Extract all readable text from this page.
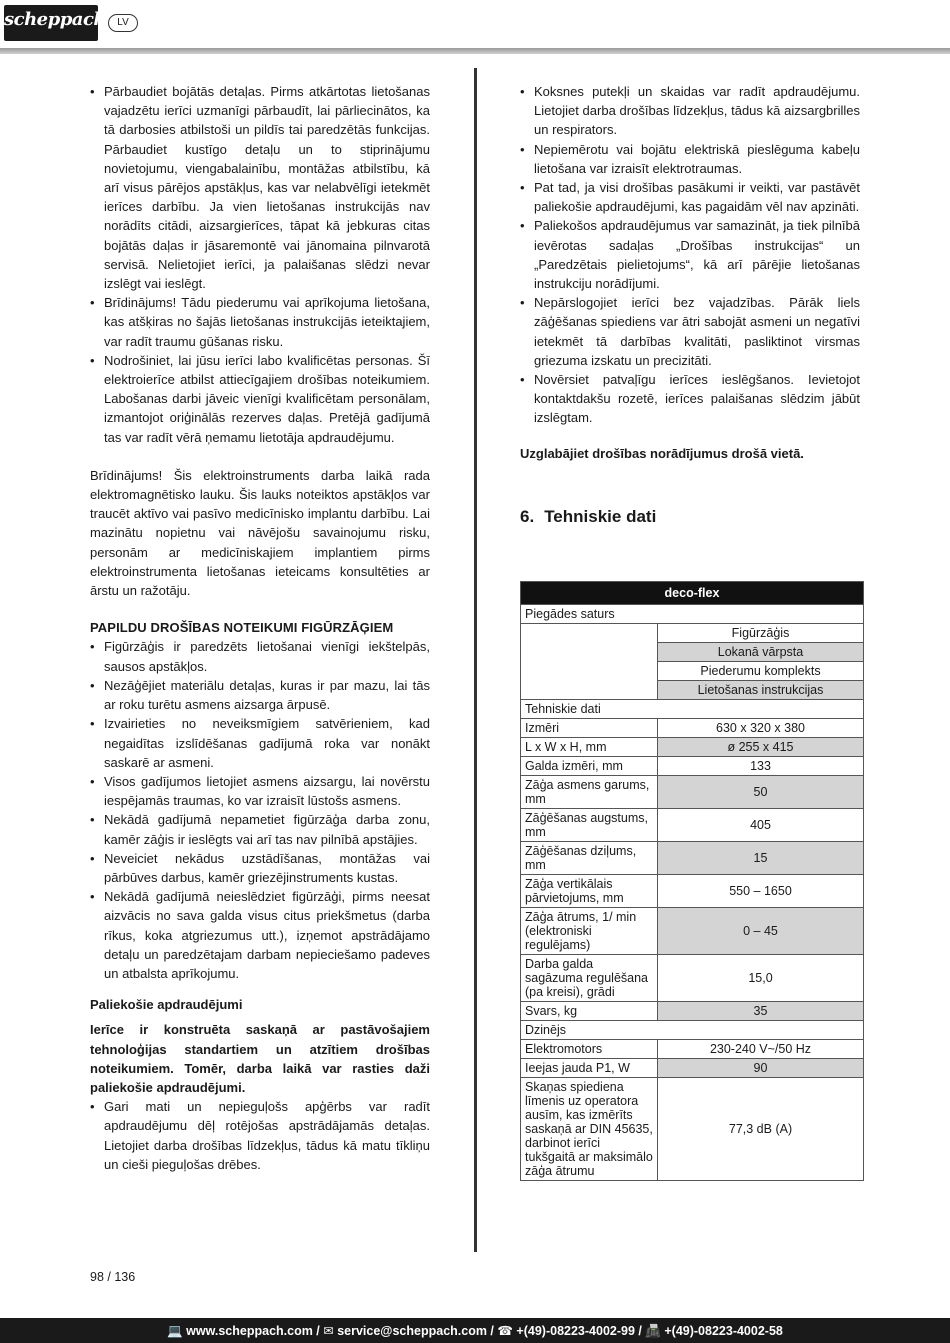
scheppach	LV
• Pārbaudiet bojātās detaļas. Pirms atkārtotas lietošanas vajadzētu ierīci uzmanīgi pārbaudīt, lai pārliecinātos, ka tā darbosies atbilstoši un pildīs tai paredzētās funkcijas. Pārbaudiet kustīgo detaļu un to stiprinājumu novietojumu, viengabalainību, montāžas atbilstību, kā arī visus pārējos apstākļus, kas var nelabvēlīgi ietekmēt ierīces darbību. Ja vien lietošanas instrukcijās nav norādīts citādi, aizsargierīces, tāpat kā jebkuras citas bojātās daļas ir jāsaremontē vai jānomaina pilnvarotā servisā. Nelietojiet ierīci, ja palaišanas slēdzi nevar izslēgt vai ieslēgt.
• Brīdinājums! Tādu piederumu vai aprīkojuma lietošana, kas atšķiras no šajās lietošanas instrukcijās ieteiktajiem, var radīt traumu gūšanas risku.
• Nodrošiniet, lai jūsu ierīci labo kvalificētas personas. Šī elektroierīce atbilst attiecīgajiem drošības noteikumiem. Labošanas darbi jāveic vienīgi kvalificētam personālam, izmantojot oriģinālās rezerves daļas. Pretējā gadījumā tas var radīt vērā ņemamu lietotāja apdraudējumu.

Brīdinājums! Šis elektroinstruments darba laikā rada elektromagnētisko lauku. Šis lauks noteiktos apstākļos var traucēt aktīvo vai pasīvo medicīnisko implantu darbību. Lai mazinātu nopietnu vai nāvējošu savainojumu risku, personām ar medicīniskajiem implantiem pirms elektroinstrumenta lietošanas ieteicams konsultēties ar ārstu un ražotāju.

PAPILDU DROŠĪBAS NOTEIKUMI FIGŪRZĀĢIEM
• Figūrzāģis ir paredzēts lietošanai vienīgi iekštelpās, sausos apstākļos.
• Nezāģējiet materiālu detaļas, kuras ir par mazu, lai tās ar roku turētu asmens aizsarga ārpusē.
• Izvairieties no neveiksmīgiem satvērieniem, kad negaidītas izslīdēšanas gadījumā roka var nonākt saskarē ar asmeni.
• Visos gadījumos lietojiet asmens aizsargu, lai novērstu iespējamās traumas, ko var izraisīt lūstošs asmens.
• Nekādā gadījumā nepametiet figūrzāģa darba zonu, kamēr zāģis ir ieslēgts vai arī tas nav pilnībā apstājies.
• Neveiciet nekādus uzstādīšanas, montāžas vai pārbūves darbus, kamēr griezējinstruments kustas.
• Nekādā gadījumā neieslēdziet figūrzāģi, pirms neesat aizvācis no sava galda visus citus priekšmetus (darba rīkus, koka atgriezumus utt.), izņemot apstrādājamo detaļu un paredzētajam darbam nepieciešamo padeves un atbalsta aprīkojumu.
Paliekošie apdraudējumi

Ierīce ir konstruēta saskaņā ar pastāvošajiem tehnoloģijas standartiem un atzītiem drošības noteikumiem. Tomēr, darba laikā var rasties daži paliekošie apdraudējumi.

• Gari mati un nepieguļošs apģērbs var radīt apdraudējumu dēļ rotējošas apstrādājamās detaļas. Lietojiet darba drošības līdzekļus, tādus kā matu tīkliņu un cieši pieguļošas drēbes.
• Koksnes putekļi un skaidas var radīt apdraudējumu. Lietojiet darba drošības līdzekļus, tādus kā aizsargbrilles un respirators.
• Nepiemērotu vai bojātu elektriskā pieslēguma kabeļu lietošana var izraisīt elektrotraumas.
• Pat tad, ja visi drošības pasākumi ir veikti, var pastāvēt paliekošie apdraudējumi, kas pagaidām vēl nav apzināti.
• Paliekošos apdraudējumus var samazināt, ja tiek pilnībā ievērotas sadaļas „Drošības instrukcijas“ un „Paredzētais pielietojums“, kā arī pārējie lietošanas instrukciju norādījumi.
• Nepārslogojiet ierīci bez vajadzības. Pārāk liels zāģēšanas spiediens var ātri sabojāt asmeni un negatīvi ietekmēt tā darbības kvalitāti, pasliktinot virsmas griezuma izskatu un precizitāti.
• Novērsiet patvaļīgu ierīces ieslēgšanos. Ievietojot kontaktdakšu rozetē, ierīces palaišanas slēdzim jābūt izslēgtam.

Uzglabājiet drošības norādījumus drošā vietā.

6. Tehniskie dati
deco-flex	
Piegādes saturs	
	Figūrzāģis
	Lokanā vārpsta
	Piederumu komplekts
	Lietošanas instrukcijas
Tehniskie dati	
Izmēri	630 x 320 x 380
L x W x H, mm	ø 255 x 415
Galda izmēri, mm	133
Zāģa asmens garums, mm	50
Zāģēšanas augstums, mm	405
Zāģēšanas dziļums, mm	15
Zāģa vertikālais pārvietojums, mm	550 – 1650
Zāģa ātrums, 1/ min (elektroniski regulējams)	0 – 45
Darba galda sagāzuma regulēšana (pa kreisi), grādi	15,0
Svars, kg	35
Dzinējs	
Elektromotors	230-240 V~/50 Hz
Ieejas jauda P1, W	90
Skaņas spiediena līmenis uz operatora ausīm, kas izmērīts saskaņā ar DIN 45635, darbinot ierīci tukšgaitā ar maksimālo zāģa ātrumu	77,3 dB (A)
98 / 136
💻 www.scheppach.com / ✉ service@scheppach.com / ☎ +(49)-08223-4002-99 / 📠 +(49)-08223-4002-58
